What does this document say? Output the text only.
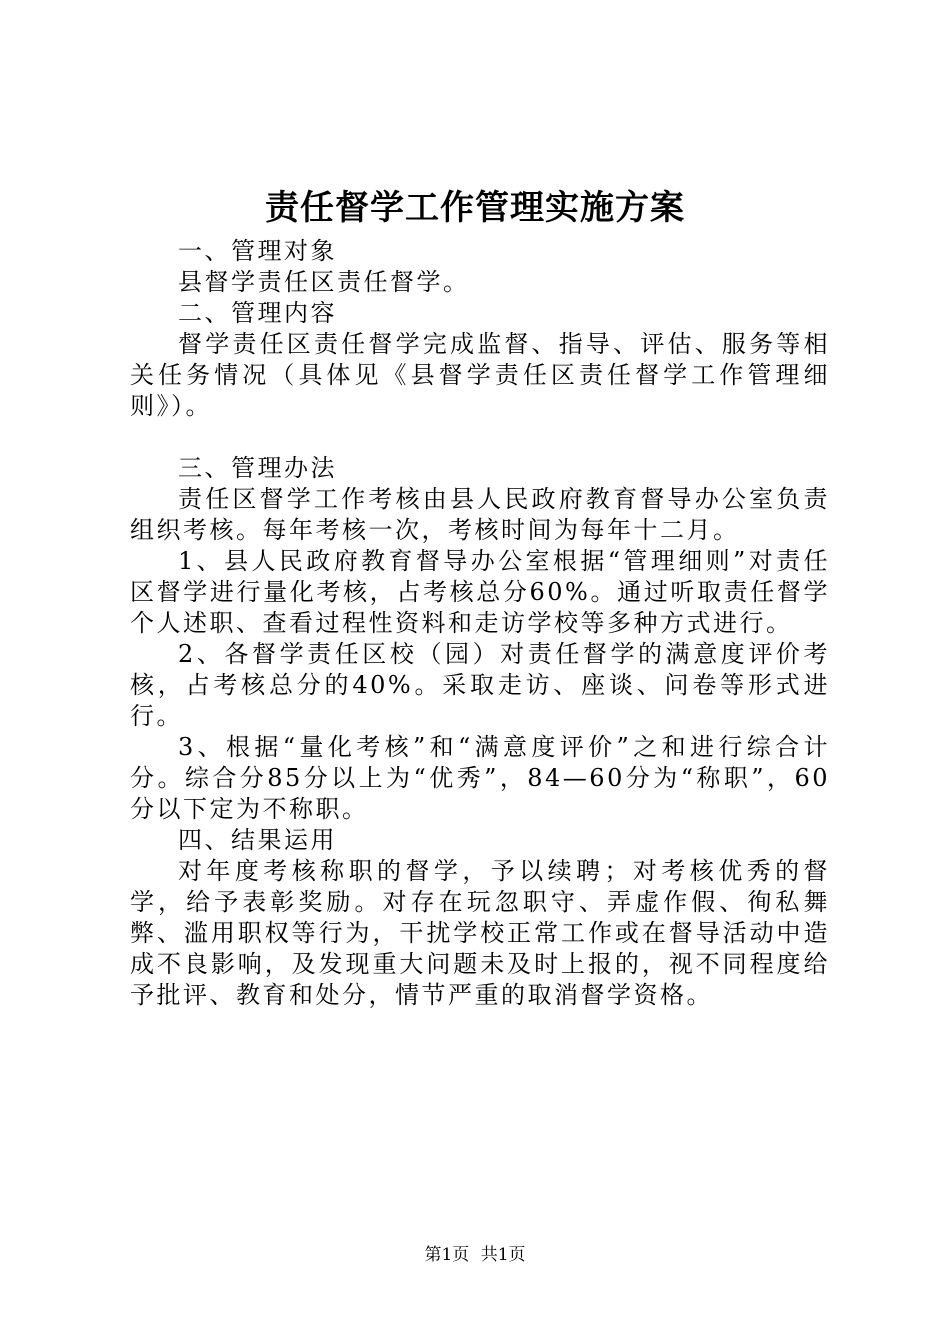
责任督学工作管理实施方案

一、管理对象

县督学责任区责任督学。

二、管理内容

督学责任区责任督学完成监督、指导、评估、服务等相关任务情况（具体见《县督学责任区责任督学工作管理细则》）。

三、管理办法

责任区督学工作考核由县人民政府教育督导办公室负责组织考核。每年考核一次，考核时间为每年十二月。

1、县人民政府教育督导办公室根据“管理细则”对责任区督学进行量化考核，占考核总分60%。通过听取责任督学个人述职、查看过程性资料和走访学校等多种方式进行。

2、各督学责任区校（园）对责任督学的满意度评价考核，占考核总分的40%。采取走访、座谈、问卷等形式进行。

3、根据“量化考核”和“满意度评价”之和进行综合计分。综合分85分以上为“优秀”，84—60分为“称职”，60分以下定为不称职。

四、结果运用

对年度考核称职的督学，予以续聘；对考核优秀的督学，给予表彰奖励。对存在玩忽职守、弄虚作假、徇私舞弊、滥用职权等行为，干扰学校正常工作或在督导活动中造成不良影响，及发现重大问题未及时上报的，视不同程度给予批评、教育和处分，情节严重的取消督学资格。

第1页 共1页
